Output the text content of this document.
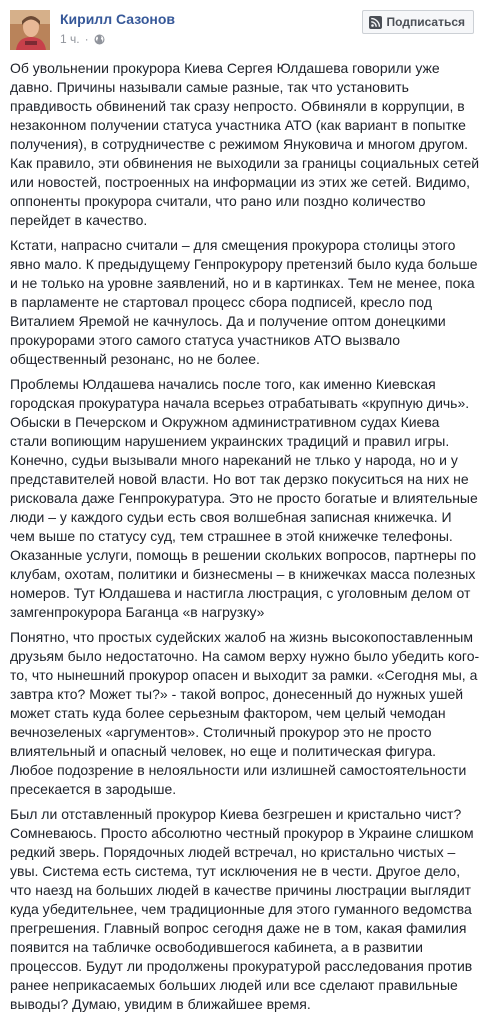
Кирилл Сазонов
1 ч. ·
Подписаться

Об увольнении прокурора Киева Сергея Юлдашева говорили уже давно. Причины называли самые разные, так что установить правдивость обвинений так сразу непросто. Обвиняли в коррупции, в незаконном получении статуса участника АТО (как вариант в попытке получения), в сотрудничестве с режимом Януковича и многом другом. Как правило, эти обвинения не выходили за границы социальных сетей или новостей, построенных на информации из этих же сетей. Видимо, оппоненты прокурора считали, что рано или поздно количество перейдет в качество.

Кстати, напрасно считали – для смещения прокурора столицы этого явно мало. К предыдущему Генпрокурору претензий было куда больше и не только на уровне заявлений, но и в картинках. Тем не менее, пока в парламенте не стартовал процесс сбора подписей, кресло под Виталием Яремой не качнулось. Да и получение оптом донецкими прокурорами этого самого статуса участников АТО вызвало общественный резонанс, но не более.

Проблемы Юлдашева начались после того, как именно Киевская городская прокуратура начала всерьез отрабатывать «крупную дичь». Обыски в Печерском и Окружном административном судах Киева стали вопиющим нарушением украинских традиций и правил игры. Конечно, судьи вызывали много нареканий не тлько у народа, но и у представителей новой власти. Но вот так дерзко покуситься на них не рисковала даже Генпрокуратура. Это не просто богатые и влиятельные люди – у каждого судьи есть своя волшебная записная книжечка. И чем выше по статусу суд, тем страшнее в этой книжечке телефоны. Оказанные услуги, помощь в решении скольких вопросов, партнеры по клубам, охотам, политики и бизнесмены – в книжечках масса полезных номеров. Тут Юлдашева и настигла люстрация, с уголовным делом от замгенпрокурора Баганца «в нагрузку»

Понятно, что простых судейских жалоб на жизнь высокопоставленным друзьям было недостаточно. На самом верху нужно было убедить кого-то, что нынешний прокурор опасен и выходит за рамки. «Сегодня мы, а завтра кто? Может ты?» - такой вопрос, донесенный до нужных ушей может стать куда более серьезным фактором, чем целый чемодан вечнозеленых «аргументов». Столичный прокурор это не просто влиятельный и опасный человек, но еще и политическая фигура. Любое подозрение в нелояльности или излишней самостоятельности пресекается в зародыше.

Был ли отставленный прокурор Киева безгрешен и кристально чист? Сомневаюсь. Просто абсолютно честный прокурор в Украине слишком редкий зверь. Порядочных людей встречал, но кристально чистых – увы. Система есть система, тут исключения не в чести. Другое дело, что наезд на больших людей в качестве причины люстрации выглядит куда убедительнее, чем традиционные для этого гуманного ведомства прегрешения. Главный вопрос сегодня даже не в том, какая фамилия появится на табличке освободившегося кабинета, а в развитии процессов. Будут ли продолжены прокуратурой расследования против ранее неприкасаемых больших людей или все сделают правильные выводы? Думаю, увидим в ближайшее время.
